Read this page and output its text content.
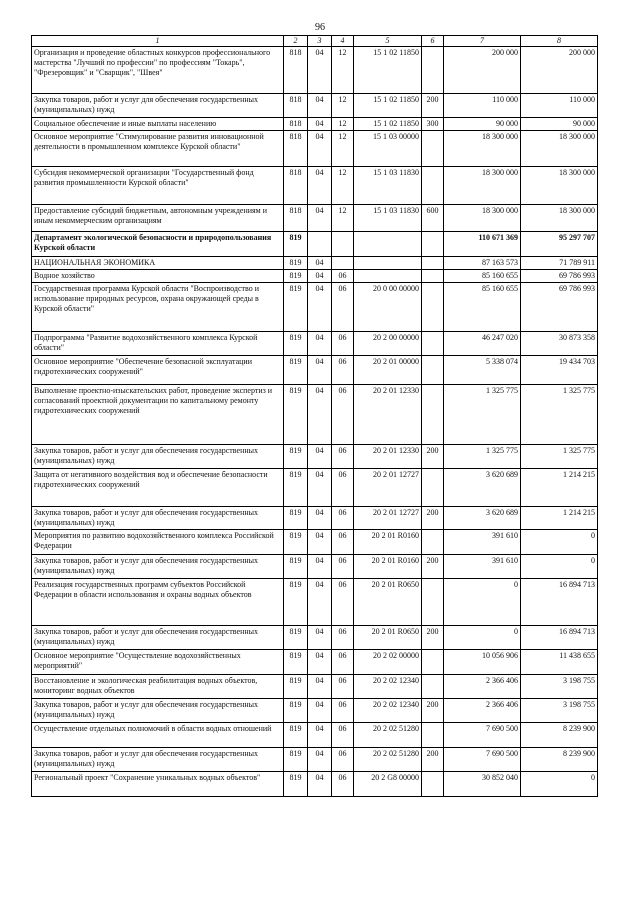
96
1	2	3	4	5	6	7	8
Организация и проведение областных конкурсов профессионального мастерства "Лучший по профессии" по профессиям "Токарь", "Фрезеровщик" и "Сварщик", "Швея"	818	04	12	15 1 02 11850		200 000	200 000
Закупка товаров, работ и услуг для обеспечения государственных (муниципальных) нужд	818	04	12	15 1 02 11850	200	110 000	110 000
Социальное обеспечение и иные выплаты населению	818	04	12	15 1 02 11850	300	90 000	90 000
Основное мероприятие "Стимулирование развития инновационной деятельности в промышленном комплексе Курской области"	818	04	12	15 1 03 00000		18 300 000	18 300 000
Субсидия некоммерческой организации "Государственный фонд развития промышленности Курской области"	818	04	12	15 1 03 11830		18 300 000	18 300 000
Предоставление субсидий бюджетным, автономным учреждениям и иным некоммерческим организациям	818	04	12	15 1 03 11830	600	18 300 000	18 300 000
Департамент экологической безопасности и природопользования Курской области	819					110 671 369	95 297 707
НАЦИОНАЛЬНАЯ ЭКОНОМИКА	819	04				87 163 573	71 789 911
Водное хозяйство	819	04	06			85 160 655	69 786 993
Государственная программа Курской области "Воспроизводство и использование природных ресурсов, охрана окружающей среды в Курской области"	819	04	06	20 0 00 00000		85 160 655	69 786 993
Подпрограмма "Развитие водохозяйственного комплекса Курской области"	819	04	06	20 2 00 00000		46 247 020	30 873 358
Основное мероприятие "Обеспечение безопасной эксплуатации гидротехнических сооружений"	819	04	06	20 2 01 00000		5 338 074	19 434 703
Выполнение проектно-изыскательских работ, проведение экспертиз и согласований проектной документации по капитальному ремонту гидротехнических сооружений	819	04	06	20 2 01 12330		1 325 775	1 325 775
Закупка товаров, работ и услуг для обеспечения государственных (муниципальных) нужд	819	04	06	20 2 01 12330	200	1 325 775	1 325 775
Защита от негативного воздействия вод и обеспечение безопасности гидротехнических сооружений	819	04	06	20 2 01 12727		3 620 689	1 214 215
Закупка товаров, работ и услуг для обеспечения государственных (муниципальных) нужд	819	04	06	20 2 01 12727	200	3 620 689	1 214 215
Мероприятия по развитию водохозяйственного комплекса Российской Федерации	819	04	06	20 2 01 R0160		391 610	0
Закупка товаров, работ и услуг для обеспечения государственных (муниципальных) нужд	819	04	06	20 2 01 R0160	200	391 610	0
Реализация государственных программ субъектов Российской Федерации в области использования и охраны водных объектов	819	04	06	20 2 01 R0650		0	16 894 713
Закупка товаров, работ и услуг для обеспечения государственных (муниципальных) нужд	819	04	06	20 2 01 R0650	200	0	16 894 713
Основное мероприятие "Осуществление водохозяйственных мероприятий"	819	04	06	20 2 02 00000		10 056 906	11 438 655
Восстановление и экологическая реабилитация водных объектов, мониторинг водных объектов	819	04	06	20 2 02 12340		2 366 406	3 198 755
Закупка товаров, работ и услуг для обеспечения государственных (муниципальных) нужд	819	04	06	20 2 02 12340	200	2 366 406	3 198 755
Осуществление отдельных полномочий в области водных отношений	819	04	06	20 2 02 51280		7 690 500	8 239 900
Закупка товаров, работ и услуг для обеспечения государственных (муниципальных) нужд	819	04	06	20 2 02 51280	200	7 690 500	8 239 900
Региональный проект "Сохранение уникальных водных объектов"	819	04	06	20 2 G8 00000		30 852 040	0
